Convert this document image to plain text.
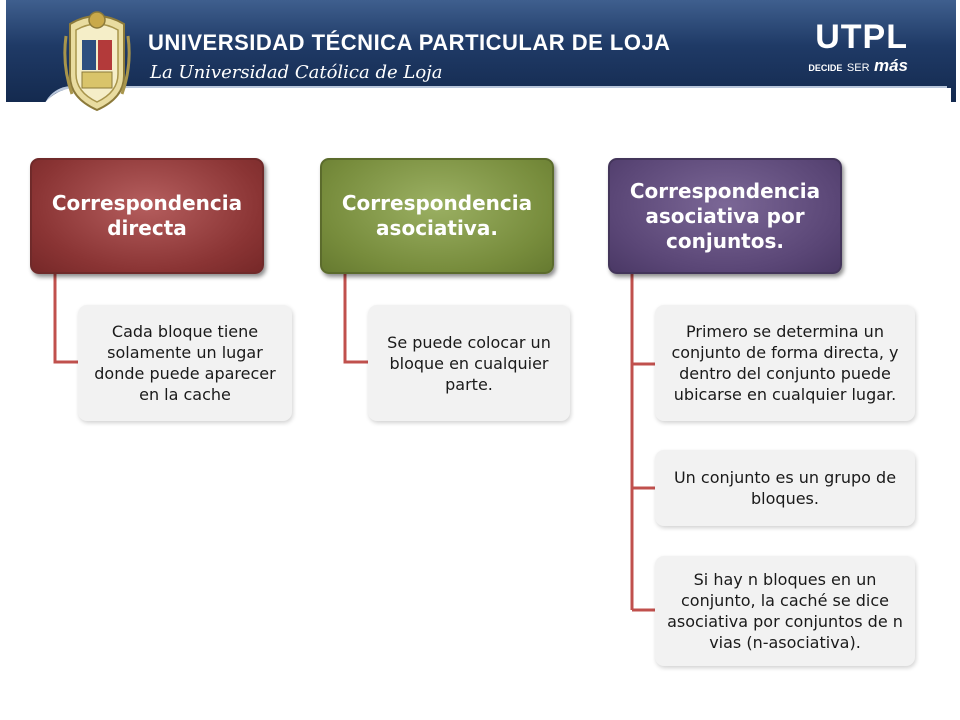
UNIVERSIDAD TÉCNICA PARTICULAR DE LOJA
La Universidad Católica de Loja
UTPL
DECIDE SER más
Correspondencia directa
Cada bloque tiene solamente un lugar donde puede aparecer en la cache
Correspondencia asociativa.
Se puede colocar un bloque en cualquier parte.
Correspondencia asociativa por conjuntos.
Primero se determina un conjunto de forma directa, y dentro del conjunto puede ubicarse en cualquier lugar.
Un conjunto es un grupo de bloques.
Si hay n bloques en un conjunto, la caché se dice asociativa por conjuntos de n vias (n-asociativa).
